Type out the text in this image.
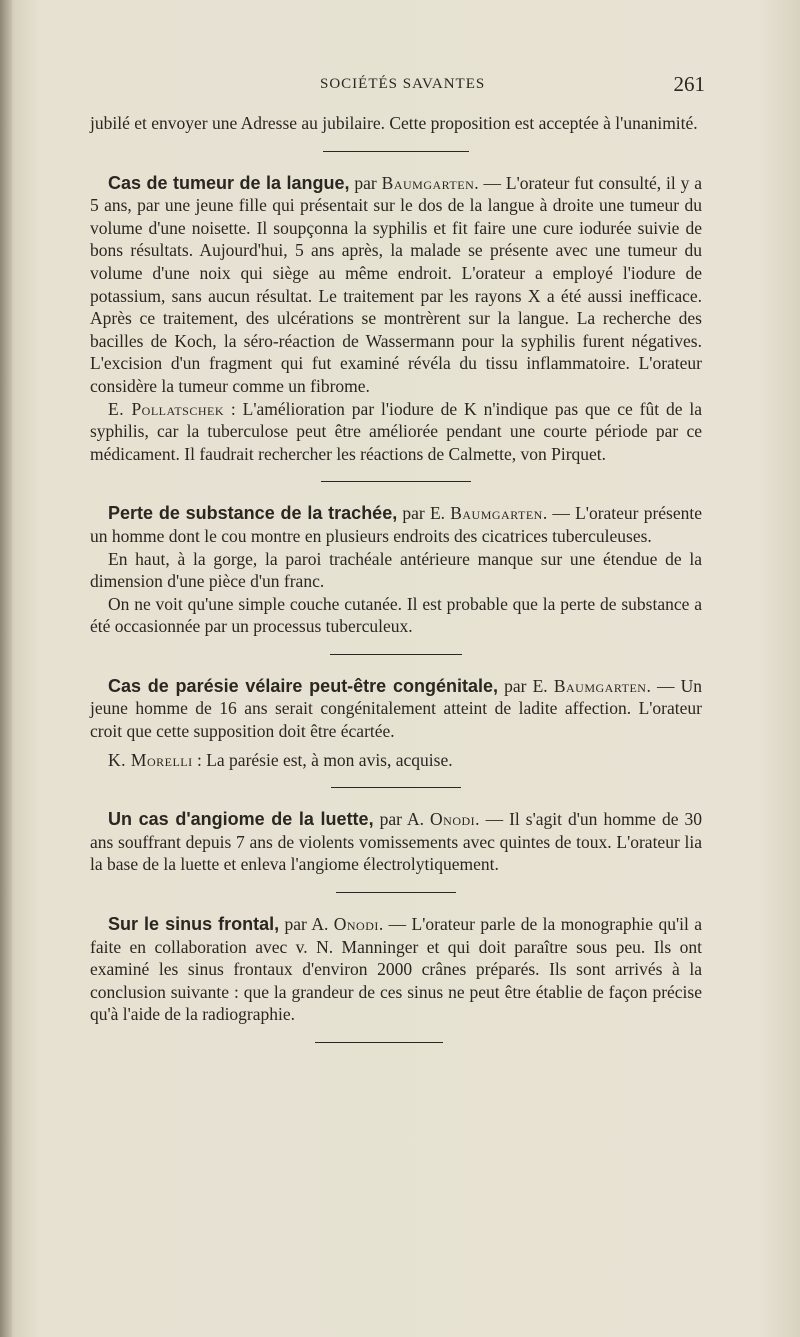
SOCIÉTÉS SAVANTES	261

jubilé et envoyer une Adresse au jubilaire. Cette proposition est acceptée à l'unanimité.

Cas de tumeur de la langue, par Baumgarten. — L'orateur fut consulté, il y a 5 ans, par une jeune fille qui présentait sur le dos de la langue à droite une tumeur du volume d'une noisette. Il soupçonna la syphilis et fit faire une cure iodurée suivie de bons résultats. Aujourd'hui, 5 ans après, la malade se présente avec une tumeur du volume d'une noix qui siège au même endroit. L'orateur a employé l'iodure de potassium, sans aucun résultat. Le traitement par les rayons X a été aussi inefficace. Après ce traitement, des ulcérations se montrèrent sur la langue. La recherche des bacilles de Koch, la séro-réaction de Wassermann pour la syphilis furent négatives. L'excision d'un fragment qui fut examiné révéla du tissu inflammatoire. L'orateur considère la tumeur comme un fibrome.

E. Pollatschek : L'amélioration par l'iodure de K n'indique pas que ce fût de la syphilis, car la tuberculose peut être améliorée pendant une courte période par ce médicament. Il faudrait rechercher les réactions de Calmette, von Pirquet.

Perte de substance de la trachée, par E. Baumgarten. — L'orateur présente un homme dont le cou montre en plusieurs endroits des cicatrices tuberculeuses.

En haut, à la gorge, la paroi trachéale antérieure manque sur une étendue de la dimension d'une pièce d'un franc.

On ne voit qu'une simple couche cutanée. Il est probable que la perte de substance a été occasionnée par un processus tuberculeux.

Cas de parésie vélaire peut-être congénitale, par E. Baumgarten. — Un jeune homme de 16 ans serait congénitalement atteint de ladite affection. L'orateur croit que cette supposition doit être écartée.

K. Morelli : La parésie est, à mon avis, acquise.

Un cas d'angiome de la luette, par A. Onodi. — Il s'agit d'un homme de 30 ans souffrant depuis 7 ans de violents vomissements avec quintes de toux. L'orateur lia la base de la luette et enleva l'angiome électrolytiquement.

Sur le sinus frontal, par A. Onodi. — L'orateur parle de la monographie qu'il a faite en collaboration avec v. N. Manninger et qui doit paraître sous peu. Ils ont examiné les sinus frontaux d'environ 2000 crânes préparés. Ils sont arrivés à la conclusion suivante : que la grandeur de ces sinus ne peut être établie de façon précise qu'à l'aide de la radiographie.
